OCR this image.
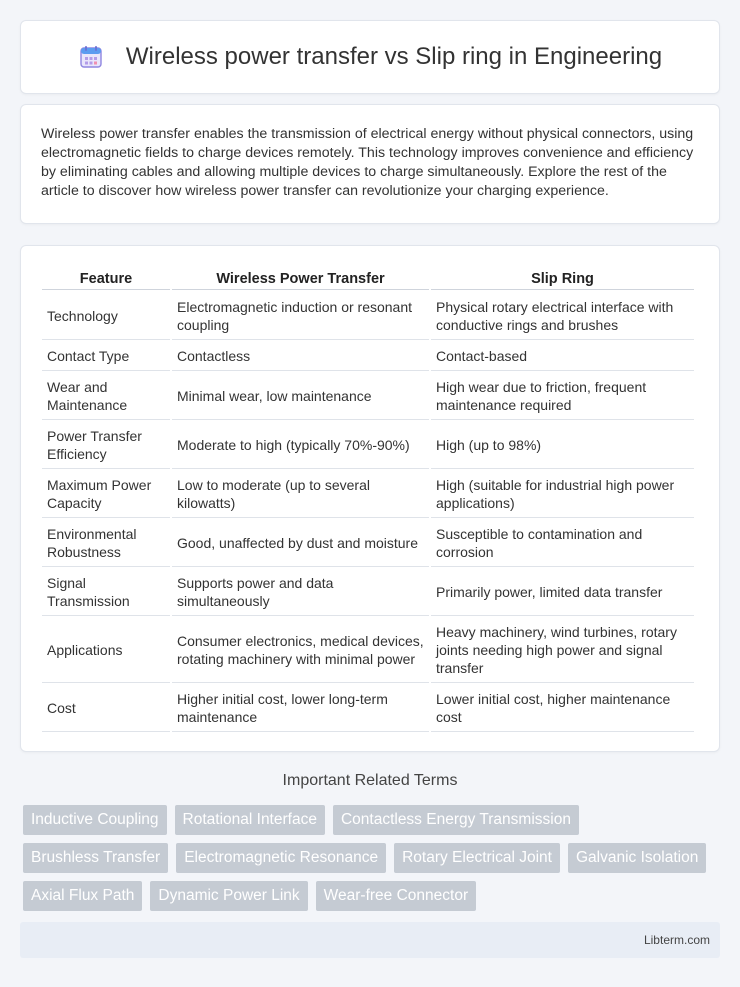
Wireless power transfer vs Slip ring in Engineering

Wireless power transfer enables the transmission of electrical energy without physical connectors, using electromagnetic fields to charge devices remotely. This technology improves convenience and efficiency by eliminating cables and allowing multiple devices to charge simultaneously. Explore the rest of the article to discover how wireless power transfer can revolutionize your charging experience.

Feature	Wireless Power Transfer	Slip Ring
Technology	Electromagnetic induction or resonant coupling	Physical rotary electrical interface with conductive rings and brushes
Contact Type	Contactless	Contact-based
Wear and Maintenance	Minimal wear, low maintenance	High wear due to friction, frequent maintenance required
Power Transfer Efficiency	Moderate to high (typically 70%-90%)	High (up to 98%)
Maximum Power Capacity	Low to moderate (up to several kilowatts)	High (suitable for industrial high power applications)
Environmental Robustness	Good, unaffected by dust and moisture	Susceptible to contamination and corrosion
Signal Transmission	Supports power and data simultaneously	Primarily power, limited data transfer
Applications	Consumer electronics, medical devices, rotating machinery with minimal power	Heavy machinery, wind turbines, rotary joints needing high power and signal transfer
Cost	Higher initial cost, lower long-term maintenance	Lower initial cost, higher maintenance cost
Important Related Terms
Inductive Coupling	Rotational Interface	Contactless Energy Transmission
Brushless Transfer	Electromagnetic Resonance	Rotary Electrical Joint	Galvanic Isolation
Axial Flux Path	Dynamic Power Link	Wear-free Connector
Libterm.com
